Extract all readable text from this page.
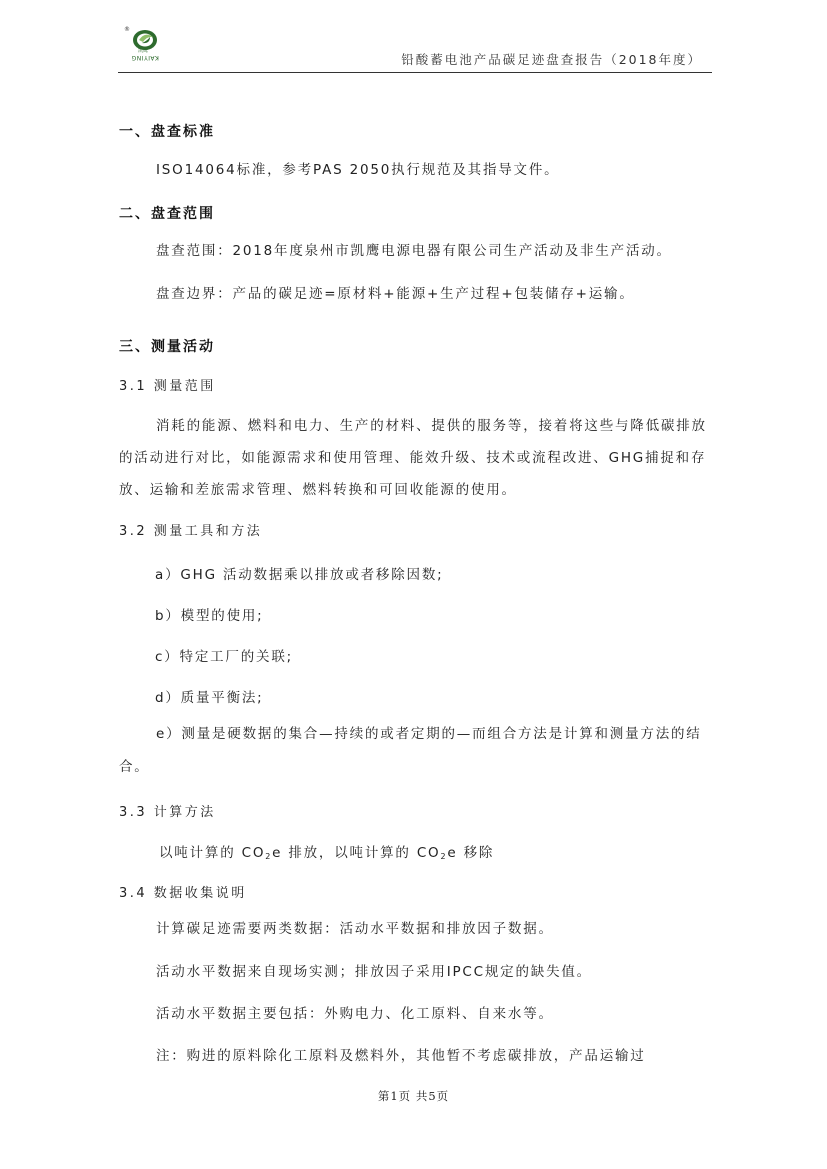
®
凯鹰
KAIYING	铅酸蓄电池产品碳足迹盘查报告（2018年度）
一、盘查标准
ISO14064标准，参考PAS 2050执行规范及其指导文件。
二、盘查范围
盘查范围：2018年度泉州市凯鹰电源电器有限公司生产活动及非生产活动。
盘查边界：产品的碳足迹=原材料+能源+生产过程+包装储存+运输。
三、测量活动
3.1 测量范围
消耗的能源、燃料和电力、生产的材料、提供的服务等，接着将这些与降低碳排放的活动进行对比，如能源需求和使用管理、能效升级、技术或流程改进、GHG捕捉和存放、运输和差旅需求管理、燃料转换和可回收能源的使用。
3.2 测量工具和方法
a）GHG 活动数据乘以排放或者移除因数;
b）模型的使用;
c）特定工厂的关联;
d）质量平衡法;
e）测量是硬数据的集合—持续的或者定期的—而组合方法是计算和测量方法的结合。
3.3 计算方法
以吨计算的 $CO_2e$ 排放，以吨计算的 $CO_2e$ 移除
3.4 数据收集说明
计算碳足迹需要两类数据：活动水平数据和排放因子数据。
活动水平数据来自现场实测；排放因子采用IPCC规定的缺失值。
活动水平数据主要包括：外购电力、化工原料、自来水等。
注：购进的原料除化工原料及燃料外，其他暂不考虑碳排放，产品运输过
第1页 共5页
